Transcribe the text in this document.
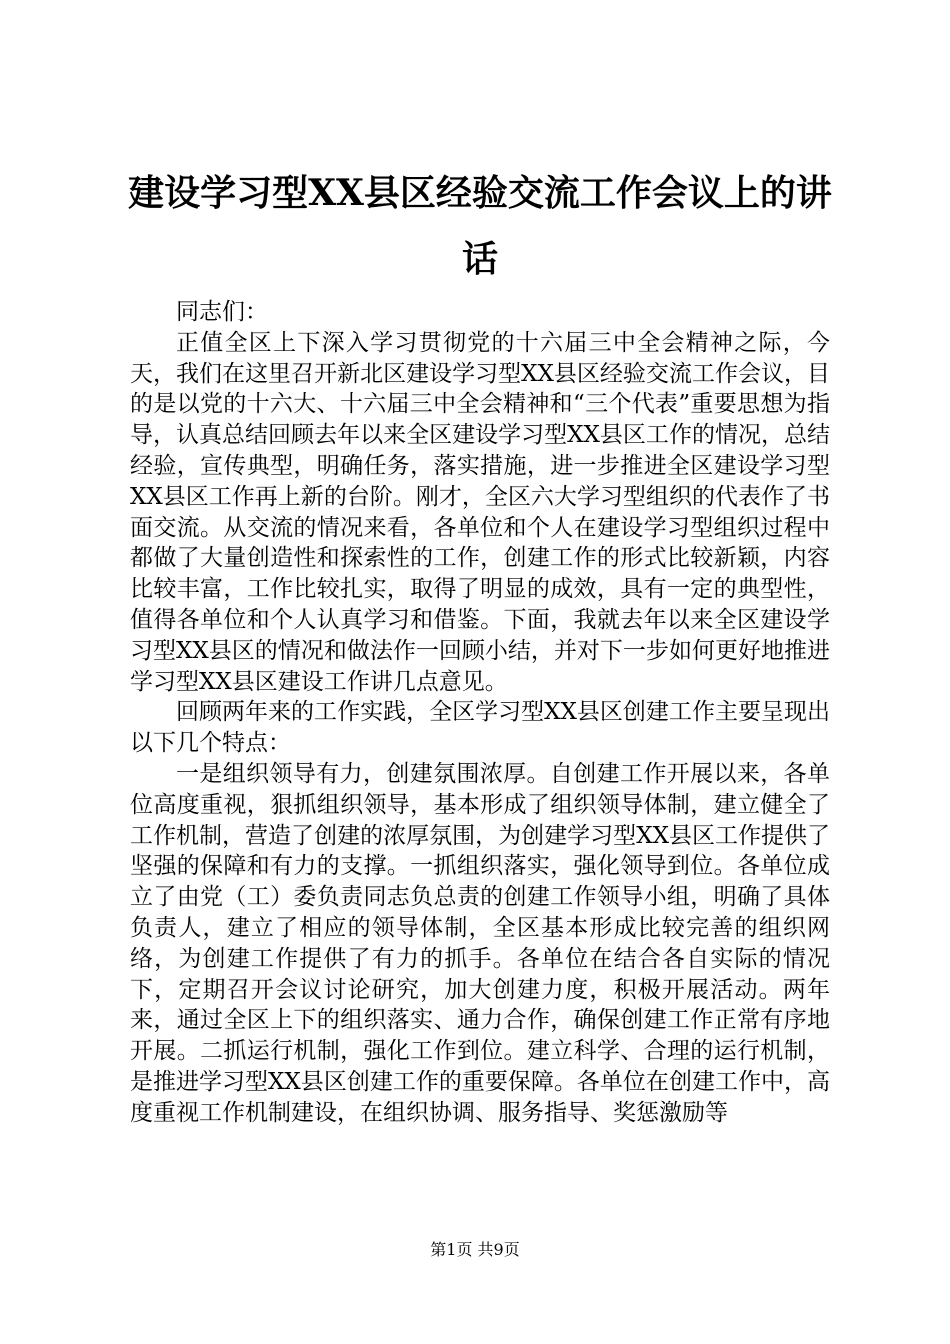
建设学习型XX县区经验交流工作会议上的讲话

同志们：

正值全区上下深入学习贯彻党的十六届三中全会精神之际，今天，我们在这里召开新北区建设学习型XX县区经验交流工作会议，目的是以党的十六大、十六届三中全会精神和“三个代表”重要思想为指导，认真总结回顾去年以来全区建设学习型XX县区工作的情况，总结经验，宣传典型，明确任务，落实措施，进一步推进全区建设学习型XX县区工作再上新的台阶。刚才，全区六大学习型组织的代表作了书面交流。从交流的情况来看，各单位和个人在建设学习型组织过程中都做了大量创造性和探索性的工作，创建工作的形式比较新颖，内容比较丰富，工作比较扎实，取得了明显的成效，具有一定的典型性，值得各单位和个人认真学习和借鉴。下面，我就去年以来全区建设学习型XX县区的情况和做法作一回顾小结，并对下一步如何更好地推进学习型XX县区建设工作讲几点意见。

回顾两年来的工作实践，全区学习型XX县区创建工作主要呈现出以下几个特点：

一是组织领导有力，创建氛围浓厚。自创建工作开展以来，各单位高度重视，狠抓组织领导，基本形成了组织领导体制，建立健全了工作机制，营造了创建的浓厚氛围，为创建学习型XX县区工作提供了坚强的保障和有力的支撑。一抓组织落实，强化领导到位。各单位成立了由党（工）委负责同志负总责的创建工作领导小组，明确了具体负责人，建立了相应的领导体制，全区基本形成比较完善的组织网络，为创建工作提供了有力的抓手。各单位在结合各自实际的情况下，定期召开会议讨论研究，加大创建力度，积极开展活动。两年来，通过全区上下的组织落实、通力合作，确保创建工作正常有序地开展。二抓运行机制，强化工作到位。建立科学、合理的运行机制，是推进学习型XX县区创建工作的重要保障。各单位在创建工作中，高度重视工作机制建设，在组织协调、服务指导、奖惩激励等

第1页 共9页
